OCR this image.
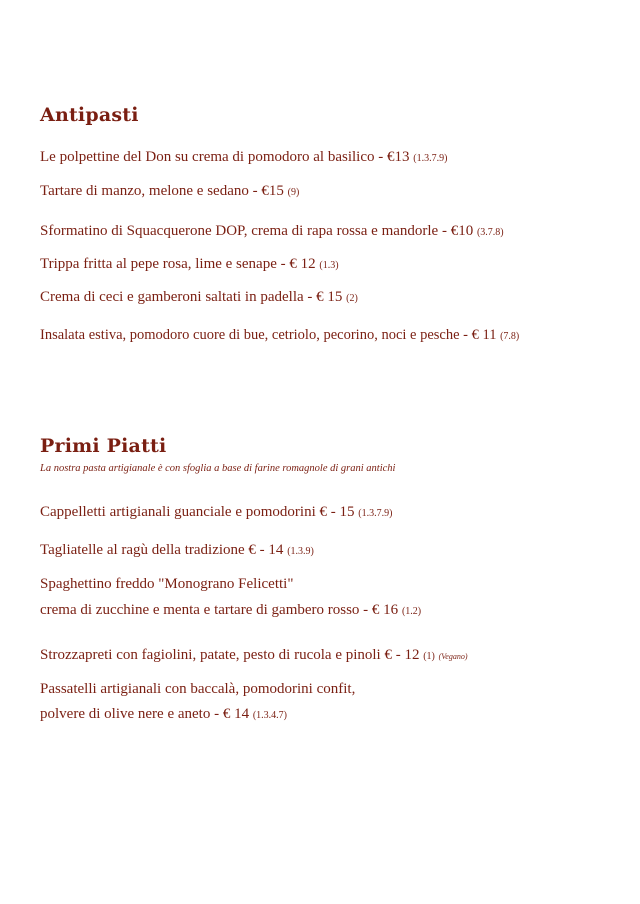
Antipasti

Le polpettine del Don su crema di pomodoro al basilico - €13 (1.3.7.9)

Tartare di manzo, melone e sedano - €15 (9)

Sformatino di Squacquerone DOP, crema di rapa rossa e mandorle - €10 (3.7.8)

Trippa fritta al pepe rosa, lime e senape - € 12 (1.3)

Crema di ceci e gamberoni saltati in padella - € 15 (2)

Insalata estiva, pomodoro cuore di bue, cetriolo, pecorino, noci e pesche - € 11 (7.8)

Primi Piatti
La nostra pasta artigianale è con sfoglia a base di farine romagnole di grani antichi

Cappelletti artigianali guanciale e pomodorini € - 15 (1.3.7.9)

Tagliatelle al ragù della tradizione € - 14 (1.3.9)

Spaghettino freddo "Monograno Felicetti"

crema di zucchine e menta e tartare di gambero rosso - € 16 (1.2)

Strozzapreti con fagiolini, patate, pesto di rucola e pinoli € - 12 (1) (Vegano)

Passatelli artigianali con baccalà, pomodorini confit,

polvere di olive nere e aneto - € 14 (1.3.4.7)
